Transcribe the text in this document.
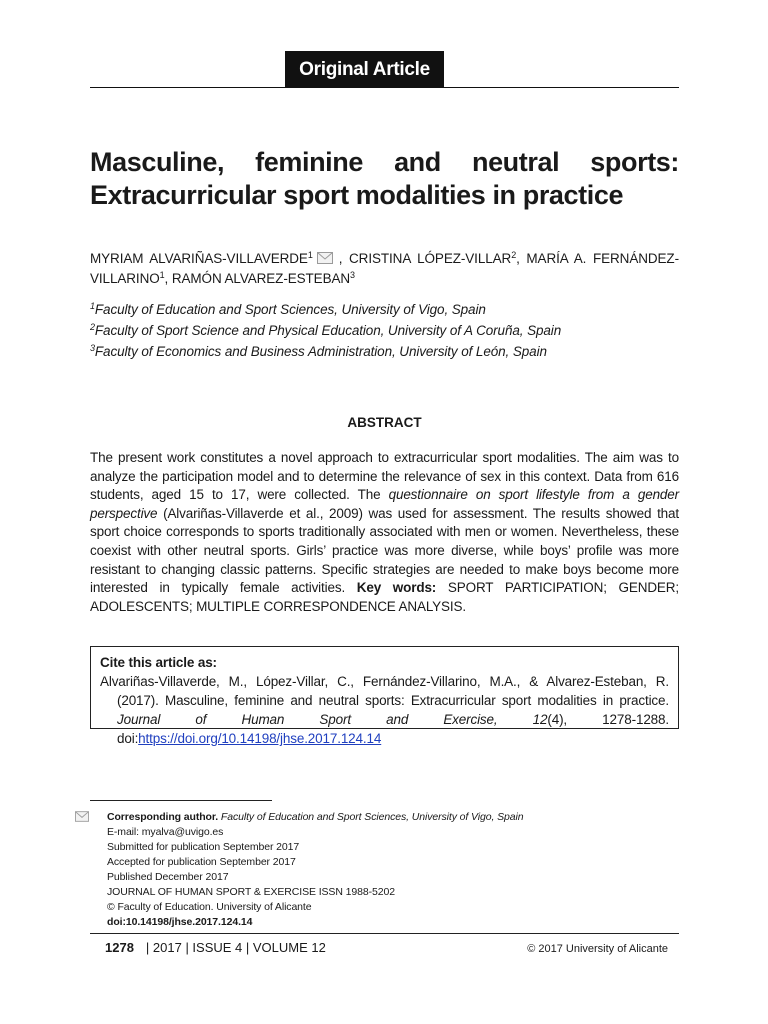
Original Article
Masculine, feminine and neutral sports: Extracurricular sport modalities in practice
MYRIAM ALVARIÑAS-VILLAVERDE$^1$ , CRISTINA LÓPEZ-VILLAR$^2$, MARÍA A. FERNÁNDEZ-VILLARINO$^1$, RAMÓN ALVAREZ-ESTEBAN$^3$
$^1$Faculty of Education and Sport Sciences, University of Vigo, Spain
$^2$Faculty of Sport Science and Physical Education, University of A Coruña, Spain
$^3$Faculty of Economics and Business Administration, University of León, Spain
ABSTRACT

The present work constitutes a novel approach to extracurricular sport modalities. The aim was to analyze the participation model and to determine the relevance of sex in this context. Data from 616 students, aged 15 to 17, were collected. The questionnaire on sport lifestyle from a gender perspective (Alvariñas-Villaverde et al., 2009) was used for assessment. The results showed that sport choice corresponds to sports traditionally associated with men or women. Nevertheless, these coexist with other neutral sports. Girls’ practice was more diverse, while boys’ profile was more resistant to changing classic patterns. Specific strategies are needed to make boys become more interested in typically female activities. Key words: SPORT PARTICIPATION; GENDER; ADOLESCENTS; MULTIPLE CORRESPONDENCE ANALYSIS.

Cite this article as:
Alvariñas-Villaverde, M., López-Villar, C., Fernández-Villarino, M.A., & Alvarez-Esteban, R. (2017). Masculine, feminine and neutral sports: Extracurricular sport modalities in practice. Journal of Human Sport and Exercise, 12(4), 1278-1288. doi:https://doi.org/10.14198/jhse.2017.124.14
Corresponding author. Faculty of Education and Sport Sciences, University of Vigo, Spain
E-mail: myalva@uvigo.es
Submitted for publication September 2017
Accepted for publication September 2017
Published December 2017
JOURNAL OF HUMAN SPORT & EXERCISE ISSN 1988-5202
© Faculty of Education. University of Alicante
doi:10.14198/jhse.2017.124.14
1278 | 2017 | ISSUE 4 | VOLUME 12	© 2017 University of Alicante
